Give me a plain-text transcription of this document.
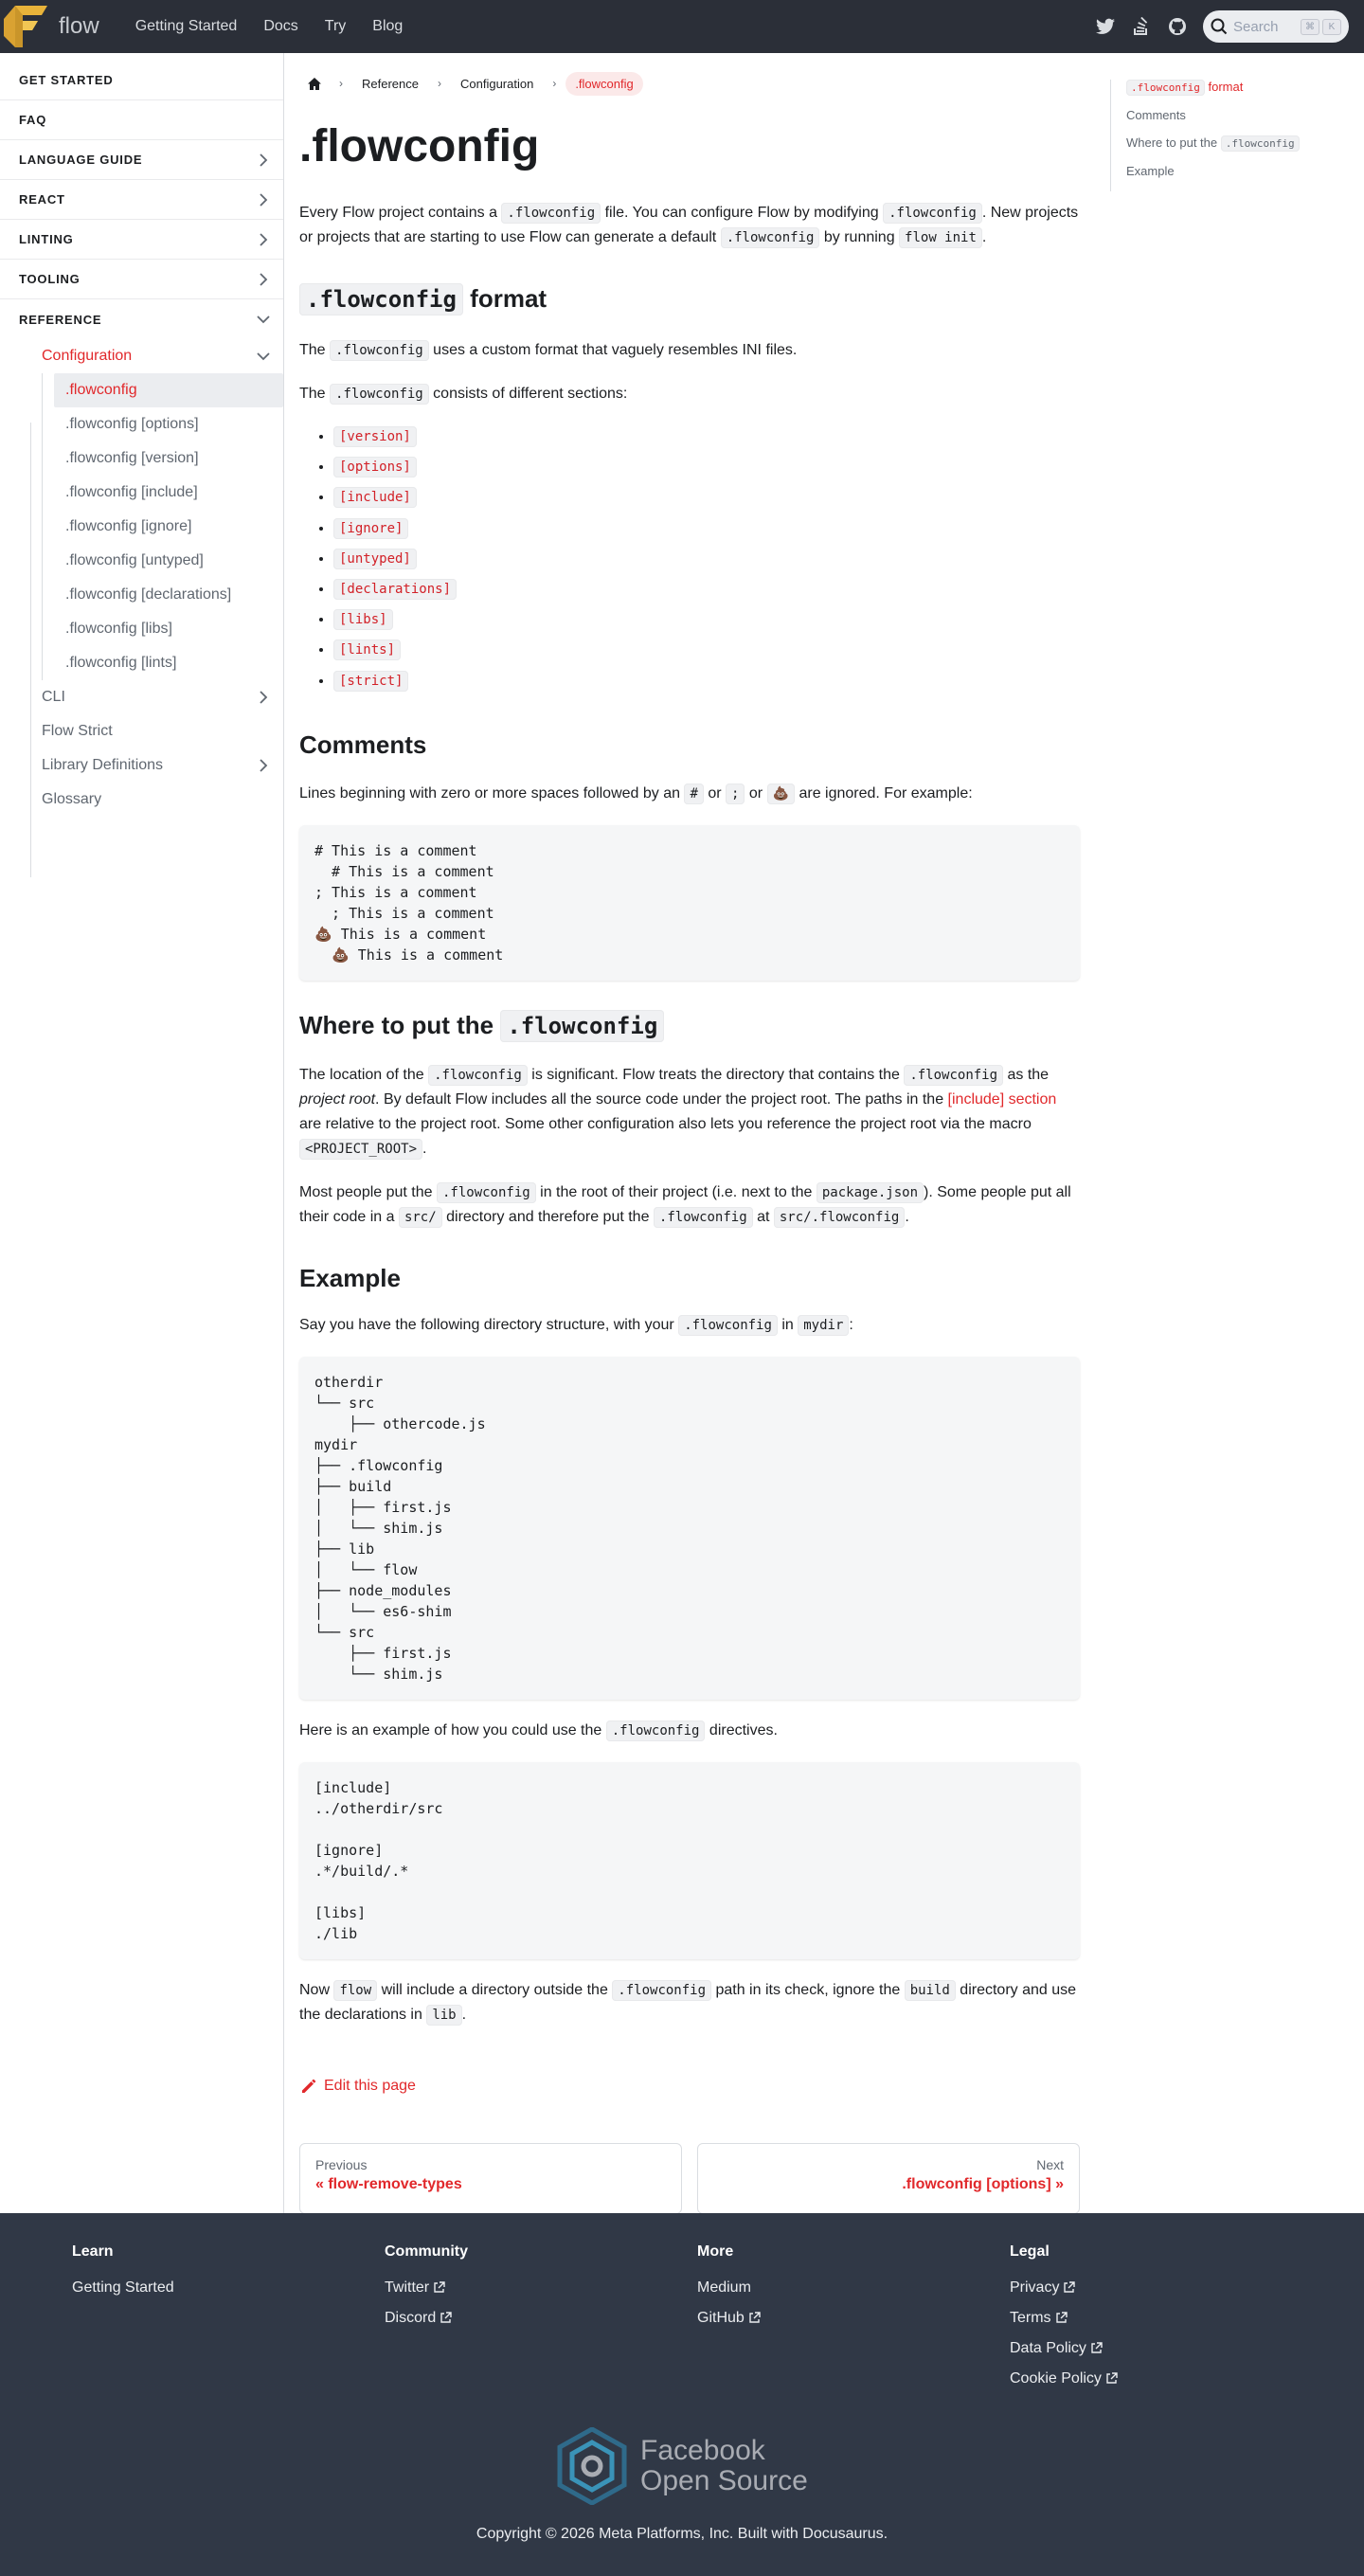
flow Getting Started Docs Try Blog	Search	⌘	K
GET STARTED
FAQ
LANGUAGE GUIDE
REACT
LINTING
TOOLING
REFERENCE
Configuration
.flowconfig
.flowconfig [options]
.flowconfig [version]
.flowconfig [include]
.flowconfig [ignore]
.flowconfig [untyped]
.flowconfig [declarations]
.flowconfig [libs]
.flowconfig [lints]
CLI
Flow Strict
Library Definitions
Glossary
›	Reference	›	Configuration	›	.flowconfig
.flowconfig

Every Flow project contains a .flowconfig file. You can configure Flow by modifying .flowconfig . New projects or projects that are starting to use Flow can generate a default .flowconfig by running flow init .

.flowconfig format

The .flowconfig uses a custom format that vaguely resembles INI files.

The .flowconfig consists of different sections:

• [version]
• [options]
• [include]
• [ignore]
• [untyped]
• [declarations]
• [libs]
• [lints]
• [strict]
Comments

Lines beginning with zero or more spaces followed by an # or ; or 💩 are ignored. For example:

# This is a comment
# This is a comment
; This is a comment
; This is a comment
💩 This is a comment
💩 This is a comment
Where to put the .flowconfig

The location of the .flowconfig is significant. Flow treats the directory that contains the .flowconfig as the project root. By default Flow includes all the source code under the project root. The paths in the [include] section are relative to the project root. Some other configuration also lets you reference the project root via the macro <PROJECT_ROOT> .

Most people put the .flowconfig in the root of their project (i.e. next to the package.json ). Some people put all their code in a src/ directory and therefore put the .flowconfig at src/.flowconfig .

Example

Say you have the following directory structure, with your .flowconfig in mydir :

otherdir
└── src
├── othercode.js
mydir
├── .flowconfig
├── build
│   ├── first.js
│   └── shim.js
├── lib
│   └── flow
├── node_modules
│   └── es6-shim
└── src
├── first.js
└── shim.js

Here is an example of how you could use the .flowconfig directives.

[include]
../otherdir/src

[ignore]
.*/build/.*

[libs]
./lib

Now flow will include a directory outside the .flowconfig path in its check, ignore the build directory and use the declarations in lib .

Edit this page
Previous
« flow-remove-types
Next
.flowconfig [options] »
.flowconfig format
Comments
Where to put the .flowconfig
Example
Learn
Getting Started
Community
Twitter
Discord
More
Medium
GitHub
Legal
Privacy
Terms
Data Policy
Cookie Policy
Facebook
Open Source
Copyright © 2026 Meta Platforms, Inc. Built with Docusaurus.
